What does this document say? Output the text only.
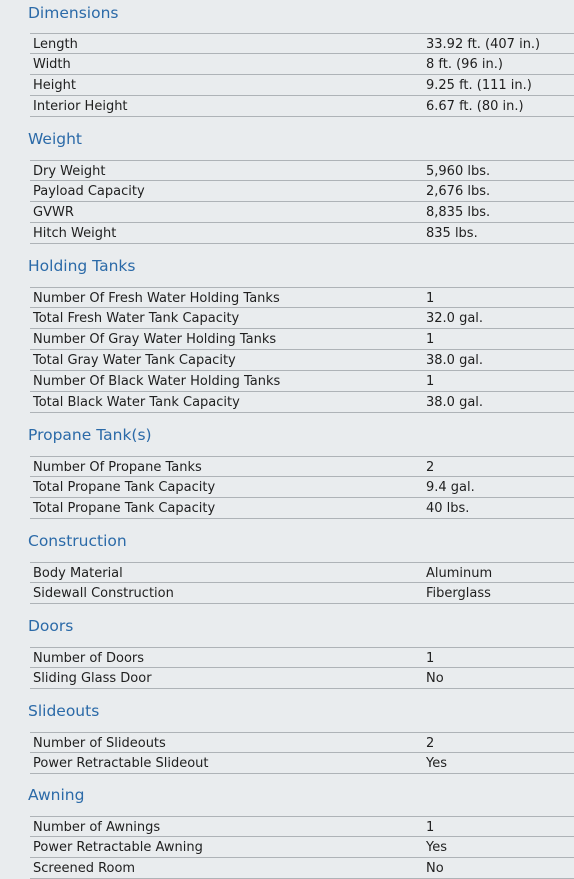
Dimensions
Length	33.92 ft. (407 in.)
Width	8 ft. (96 in.)
Height	9.25 ft. (111 in.)
Interior Height	6.67 ft. (80 in.)
Weight
Dry Weight	5,960 lbs.
Payload Capacity	2,676 lbs.
GVWR	8,835 lbs.
Hitch Weight	835 lbs.
Holding Tanks
Number Of Fresh Water Holding Tanks	1
Total Fresh Water Tank Capacity	32.0 gal.
Number Of Gray Water Holding Tanks	1
Total Gray Water Tank Capacity	38.0 gal.
Number Of Black Water Holding Tanks	1
Total Black Water Tank Capacity	38.0 gal.
Propane Tank(s)
Number Of Propane Tanks	2
Total Propane Tank Capacity	9.4 gal.
Total Propane Tank Capacity	40 lbs.
Construction
Body Material	Aluminum
Sidewall Construction	Fiberglass
Doors
Number of Doors	1
Sliding Glass Door	No
Slideouts
Number of Slideouts	2
Power Retractable Slideout	Yes
Awning
Number of Awnings	1
Power Retractable Awning	Yes
Screened Room	No
